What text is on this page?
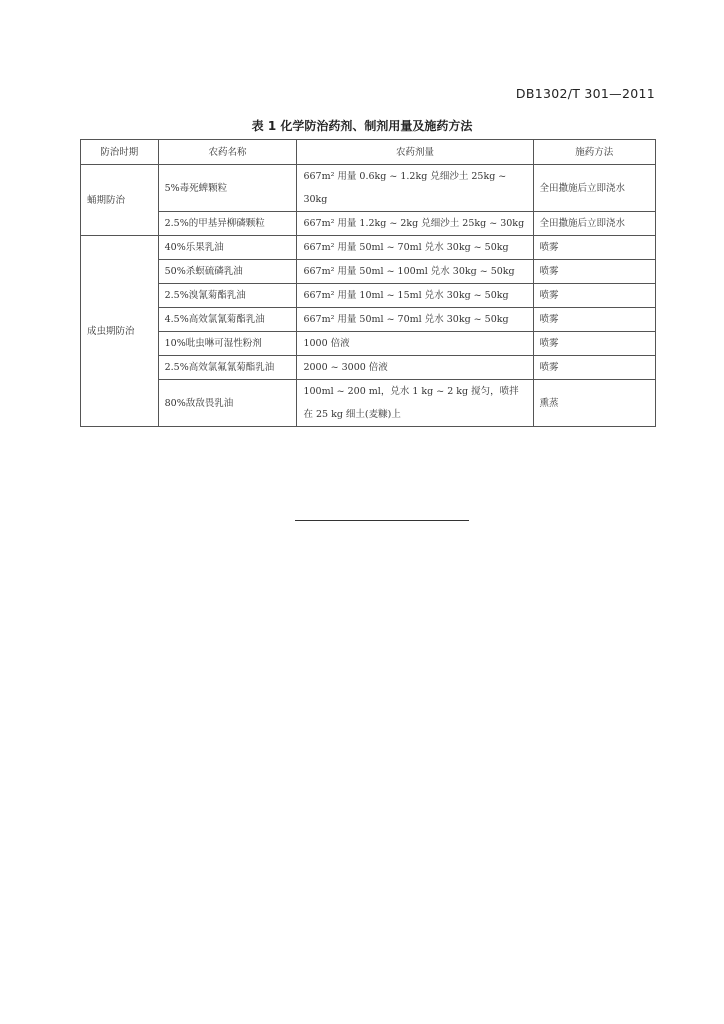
DB1302/T 301—2011
表 1 化学防治药剂、制剂用量及施药方法
防治时期	农药名称	农药剂量	施药方法
蛹期防治	5%毒死蜱颗粒	667m² 用量 0.6kg ~ 1.2kg 兑细沙土 25kg ~ 30kg	全田撒施后立即浇水
	2.5%的甲基异柳磷颗粒	667m² 用量 1.2kg ~ 2kg 兑细沙土 25kg ~ 30kg	全田撒施后立即浇水
成虫期防治	40%乐果乳油	667m² 用量 50ml ~ 70ml 兑水 30kg ~ 50kg	喷雾
	50%杀螟硫磷乳油	667m² 用量 50ml ~ 100ml 兑水 30kg ~ 50kg	喷雾
	2.5%溴氰菊酯乳油	667m² 用量 10ml ~ 15ml 兑水 30kg ~ 50kg	喷雾
	4.5%高效氯氰菊酯乳油	667m² 用量 50ml ~ 70ml 兑水 30kg ~ 50kg	喷雾
	10%吡虫啉可湿性粉剂	1000 倍液	喷雾
	2.5%高效氯氟氰菊酯乳油	2000 ~ 3000 倍液	喷雾
	80%敌敌畏乳油	100ml ~ 200 ml，兑水 1 kg ~ 2 kg 搅匀，喷拌在 25 kg 细土(麦糠)上	熏蒸
